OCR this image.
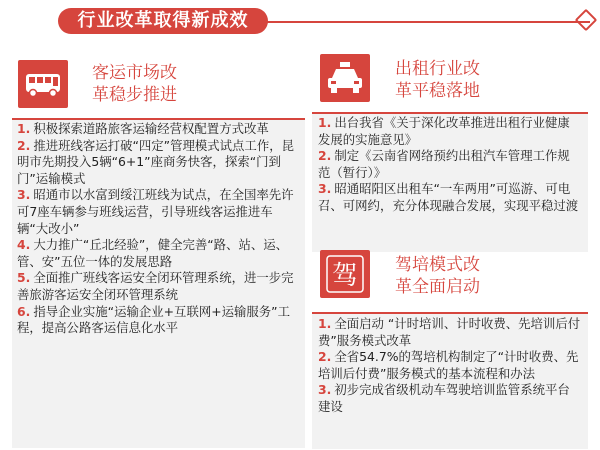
行业改革取得新成效
客运市场改
革稳步推进
1. 积极探索道路旅客运输经营权配置方式改革
2. 推进班线客运打破“四定”管理模式试点工作，昆明市先期投入5辆“6+1”座商务快客，探索“门到门”运输模式
3. 昭通市以水富到绥江班线为试点，在全国率先许可7座车辆参与班线运营，引导班线客运推进车辆“大改小”
4. 大力推广“丘北经验”，健全完善“路、站、运、管、安”五位一体的发展思路
5. 全面推广班线客运安全闭环管理系统，进一步完善旅游客运安全闭环管理系统
6. 指导企业实施“运输企业+互联网+运输服务”工程，提高公路客运信息化水平
出租行业改
革平稳落地
1. 出台我省《关于深化改革推进出租行业健康发展的实施意见》
2. 制定《云南省网络预约出租汽车管理工作规范（暂行）》
3. 昭通昭阳区出租车“一车两用”可巡游、可电召、可网约，充分体现融合发展，实现平稳过渡
驾 驾培模式改
革全面启动
1. 全面启动 “计时培训、计时收费、先培训后付费”服务模式改革
2. 全省54.7%的驾培机构制定了“计时收费、先培训后付费”服务模式的基本流程和办法
3. 初步完成省级机动车驾驶培训监管系统平台建设
